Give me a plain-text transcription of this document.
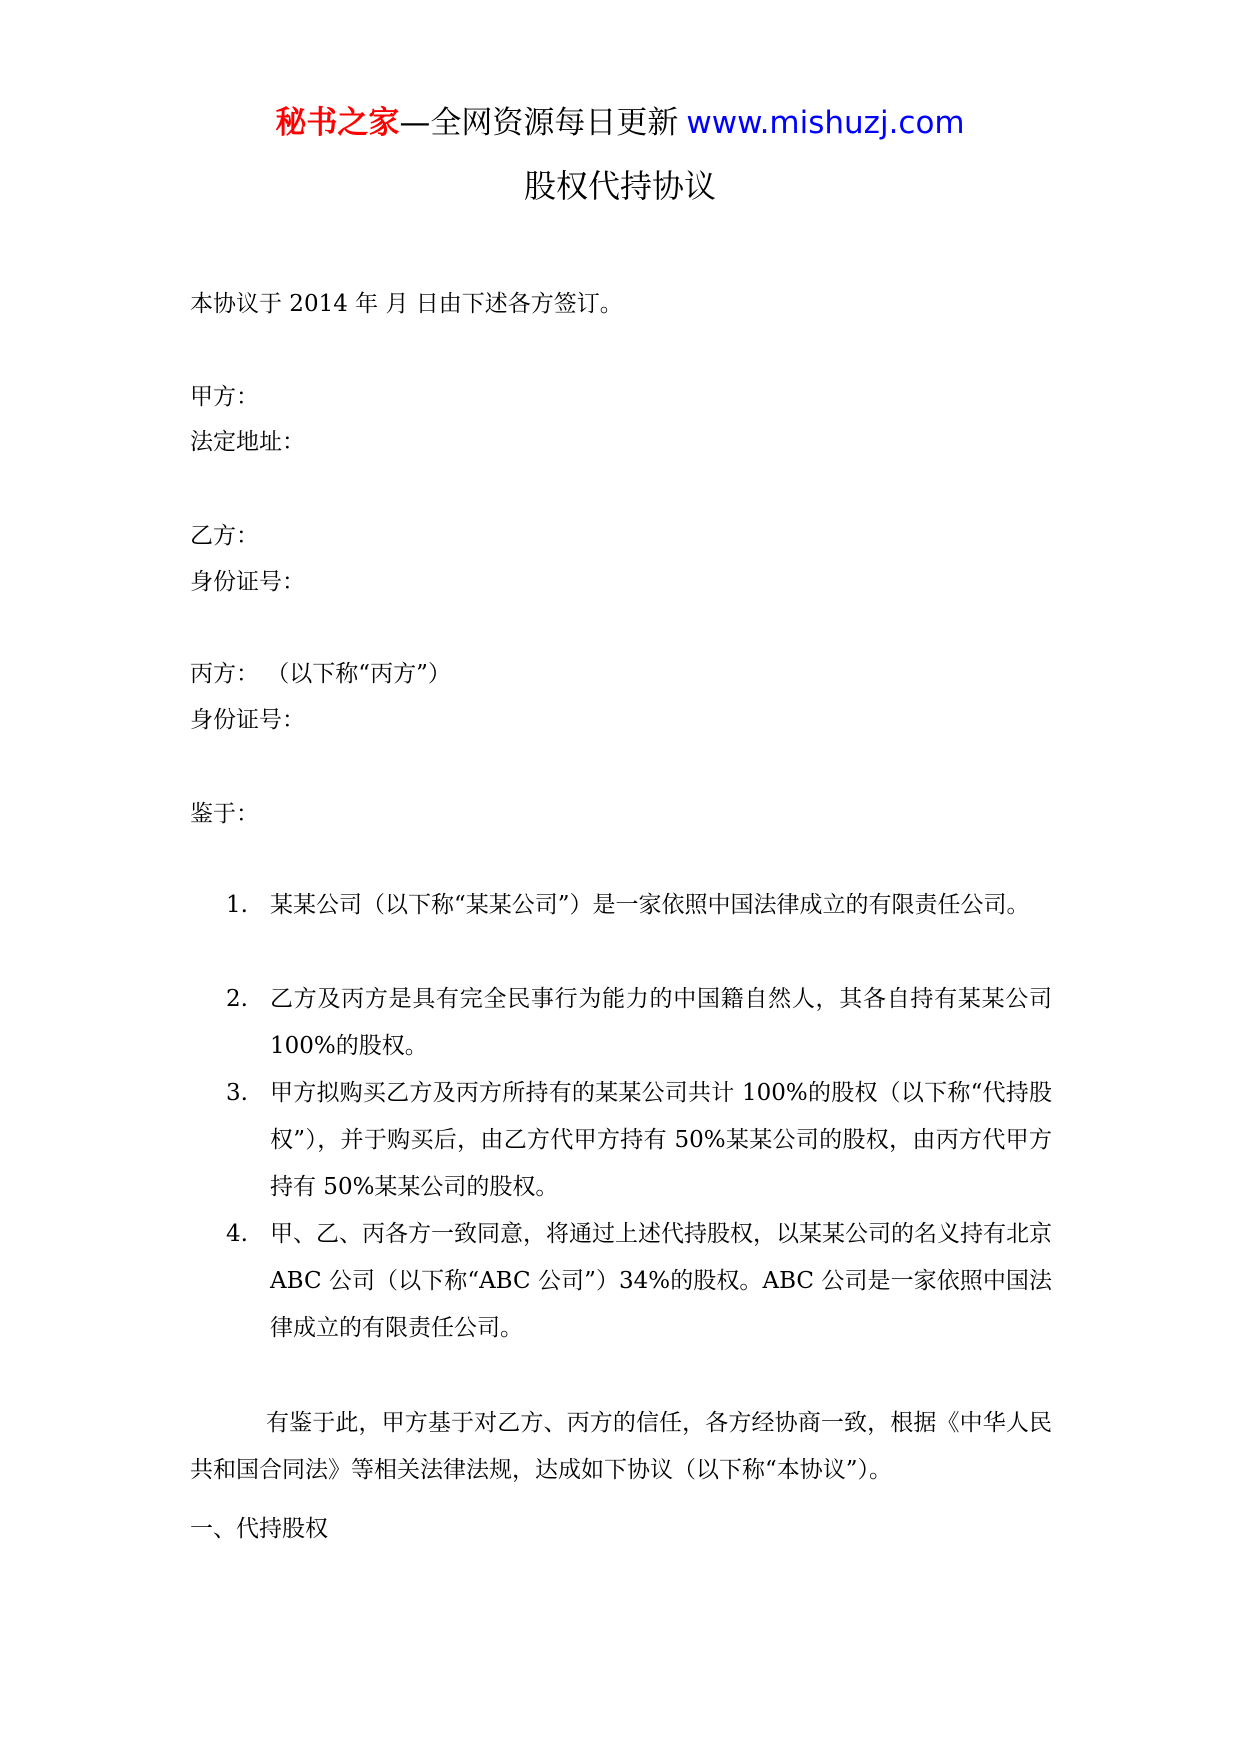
秘书之家—全网资源每日更新 www.mishuzj.com
股权代持协议
本协议于 2014 年 月 日由下述各方签订。
甲方：
法定地址：
乙方：
身份证号：
丙方： （以下称“丙方”）
身份证号：
鉴于：
1. 某某公司（以下称“某某公司”）是一家依照中国法律成立的有限责任公司。
2. 乙方及丙方是具有完全民事行为能力的中国籍自然人，其各自持有某某公司 100%的股权。
3. 甲方拟购买乙方及丙方所持有的某某公司共计 100%的股权（以下称“代持股权”），并于购买后，由乙方代甲方持有 50%某某公司的股权，由丙方代甲方持有 50%某某公司的股权。
4. 甲、乙、丙各方一致同意，将通过上述代持股权，以某某公司的名义持有北京 ABC 公司（以下称“ABC 公司”）34%的股权。ABC 公司是一家依照中国法律成立的有限责任公司。
有鉴于此，甲方基于对乙方、丙方的信任，各方经协商一致，根据《中华人民共和国合同法》等相关法律法规，达成如下协议（以下称“本协议”）。
一、代持股权
